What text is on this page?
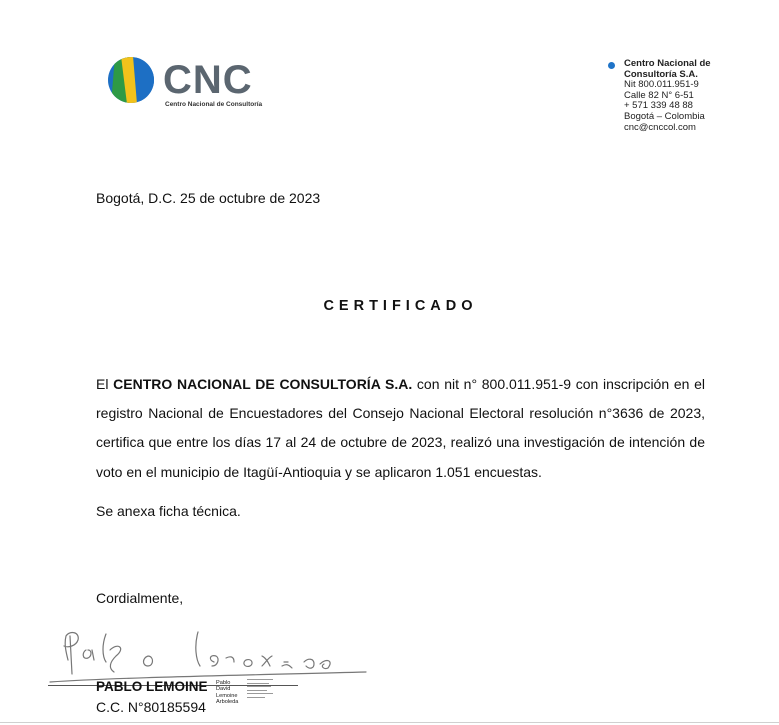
CNC
Centro Nacional de Consultoría
Centro Nacional de
Consultoría S.A.
Nit 800.011.951-9
Calle 82 N° 6-51
+ 571 339 48 88
Bogotá – Colombia
cnc@cnccol.com
Bogotá, D.C. 25 de octubre de 2023
CERTIFICADO
El CENTRO NACIONAL DE CONSULTORÍA S.A. con nit n° 800.011.951-9 con inscripción en el registro Nacional de Encuestadores del Consejo Nacional Electoral resolución n°3636 de 2023, certifica que entre los días 17 al 24 de octubre de 2023, realizó una investigación de intención de voto en el municipio de Itagüí-Antioquia y se aplicaron 1.051 encuestas.
Se anexa ficha técnica.
Cordialmente,
PABLO LEMOINE
C.C. N°80185594
Pablo
David
Lemoine
Arboleda
